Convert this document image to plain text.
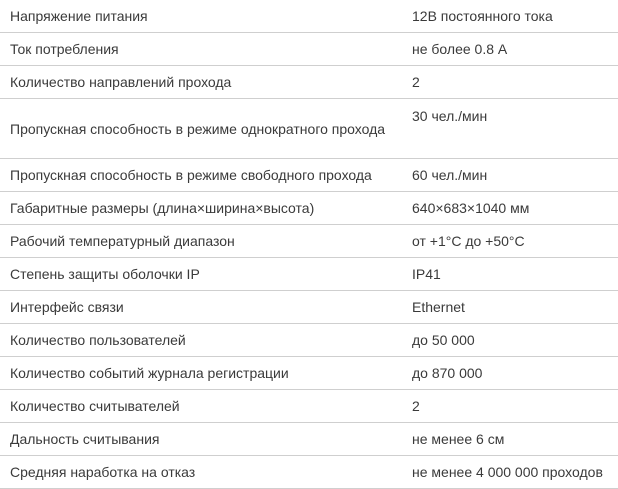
Напряжение питания	12В постоянного тока
Ток потребления	не более 0.8 А
Количество направлений прохода	2
Пропускная способность в режиме однократного прохода	30 чел./мин
Пропускная способность в режиме свободного прохода	60 чел./мин
Габаритные размеры (длина×ширина×высота)	640×683×1040 мм
Рабочий температурный диапазон	от +1°С до +50°С
Степень защиты оболочки IP	IP41
Интерфейс связи	Ethernet
Количество пользователей	до 50 000
Количество событий журнала регистрации	до 870 000
Количество считывателей	2
Дальность считывания	не менее 6 см
Средняя наработка на отказ	не менее 4 000 000 проходов
